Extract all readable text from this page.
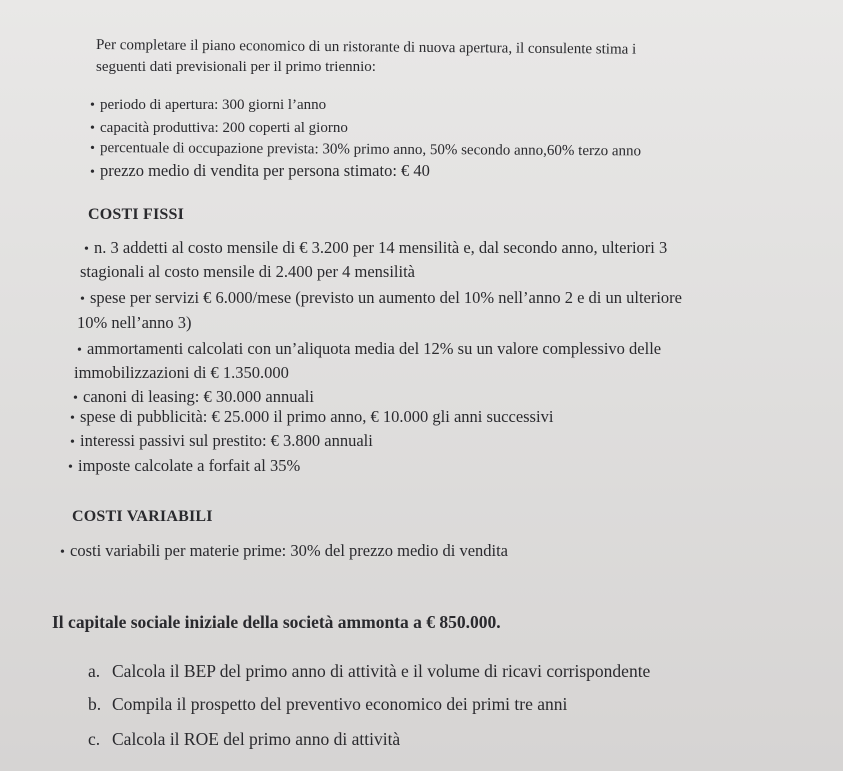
Per completare il piano economico di un ristorante di nuova apertura, il consulente stima i
seguenti dati previsionali per il primo triennio:
• periodo di apertura: 300 giorni l’anno
• capacità produttiva: 200 coperti al giorno
• percentuale di occupazione prevista: 30% primo anno, 50% secondo anno,60% terzo anno
• prezzo medio di vendita per persona stimato: € 40
COSTI FISSI
• n. 3 addetti al costo mensile di € 3.200 per 14 mensilità e, dal secondo anno, ulteriori 3
stagionali al costo mensile di 2.400 per 4 mensilità
• spese per servizi € 6.000/mese (previsto un aumento del 10% nell’anno 2 e di un ulteriore
10% nell’anno 3)
• ammortamenti calcolati con un’aliquota media del 12% su un valore complessivo delle
immobilizzazioni di € 1.350.000
• canoni di leasing: € 30.000 annuali
• spese di pubblicità: € 25.000 il primo anno, € 10.000 gli anni successivi
• interessi passivi sul prestito: € 3.800 annuali
• imposte calcolate a forfait al 35%
COSTI VARIABILI
• costi variabili per materie prime: 30% del prezzo medio di vendita
Il capitale sociale iniziale della società ammonta a € 850.000.
a. Calcola il BEP del primo anno di attività e il volume di ricavi corrispondente
b. Compila il prospetto del preventivo economico dei primi tre anni
c. Calcola il ROE del primo anno di attività
